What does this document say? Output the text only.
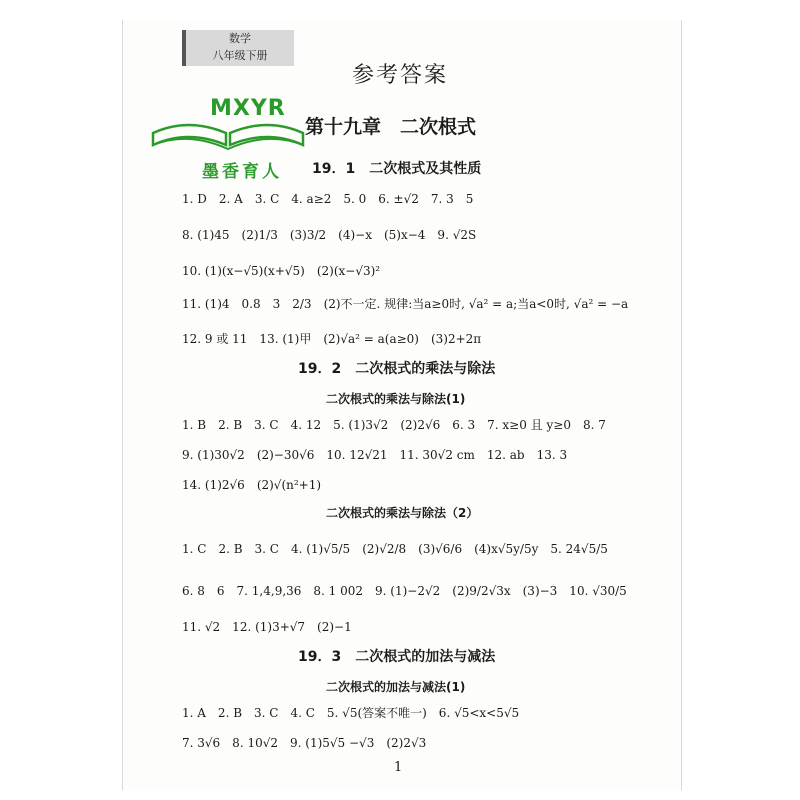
数学
八年级下册
参考答案
MXYR
墨香育人
第十九章　二次根式
19．1　二次根式及其性质
1. D　2. A　3. C　4. a≥2　5. 0　6. ±√2　7. 3　5
8. (1)45　(2)1/3　(3)3/2　(4)−x　(5)x−4　9. √2S
10. (1)(x−√5)(x+√5)　(2)(x−√3)²
11. (1)4　0.8　3　2/3　(2)不一定. 规律:当a≥0时, √a² = a;当a<0时, √a² = −a
12. 9 或 11　13. (1)甲　(2)√a² = a(a≥0)　(3)2+2π
19．2　二次根式的乘法与除法
二次根式的乘法与除法(1)
1. B　2. B　3. C　4. 12　5. (1)3√2　(2)2√6　6. 3　7. x≥0 且 y≥0　8. 7
9. (1)30√2　(2)−30√6　10. 12√21　11. 30√2 cm　12. ab　13. 3
14. (1)2√6　(2)√(n²+1)
二次根式的乘法与除法（2）
1. C　2. B　3. C　4. (1)√5/5　(2)√2/8　(3)√6/6　(4)x√5y/5y　5. 24√5/5
6. 8　6　7. 1,4,9,36　8. 1 002　9. (1)−2√2　(2)9/2√3x　(3)−3　10. √30/5
11. √2　12. (1)3+√7　(2)−1
19．3　二次根式的加法与减法
二次根式的加法与减法(1)
1. A　2. B　3. C　4. C　5. √5(答案不唯一)　6. √5<x<5√5
7. 3√6　8. 10√2　9. (1)5√5 −√3　(2)2√3
1
